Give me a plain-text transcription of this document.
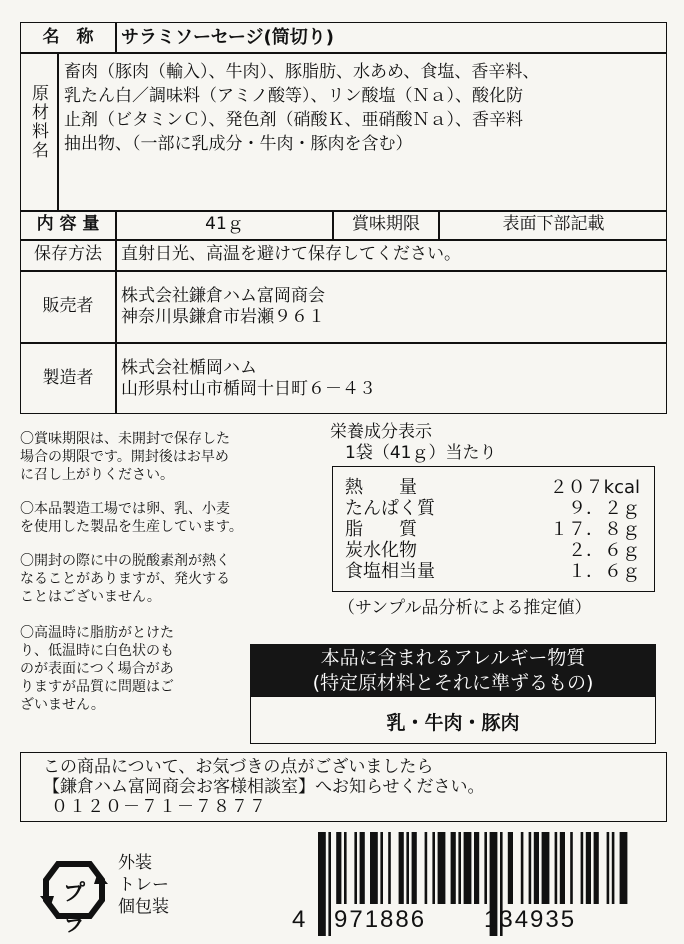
名　称	サラミソーセージ(筒切り)
原材料名
畜肉（豚肉（輸入）、牛肉）、豚脂肪、水あめ、食塩、香辛料、
乳たん白／調味料（アミノ酸等）、リン酸塩（Ｎａ）、酸化防
止剤（ビタミンＣ）、発色剤（硝酸Ｋ、亜硝酸Ｎａ）、香辛料
抽出物、（一部に乳成分・牛肉・豚肉を含む）
内 容 量	41ｇ	賞味期限	表面下部記載
保存方法	直射日光、高温を避けて保存してください。
販売者	株式会社鎌倉ハム富岡商会
神奈川県鎌倉市岩瀬９６１
製造者	株式会社楯岡ハム
山形県村山市楯岡十日町６－４３
〇賞味期限は、未開封で保存した
場合の期限です。開封後はお早め
に召し上がりください。
〇本品製造工場では卵、乳、小麦
を使用した製品を生産しています。
〇開封の際に中の脱酸素剤が熱く
なることがありますが、発火する
ことはございません。
〇高温時に脂肪がとけた
り、低温時に白色状のも
のが表面につく場合があ
りますが品質に問題はご
ざいません。
栄養成分表示
1袋（41ｇ）当たり
熱　　量	２０７kcal
たんぱく質	９．２ｇ
脂　　質	１７．８ｇ
炭水化物	２．６ｇ
食塩相当量	１．６ｇ
（サンプル品分析による推定値）
本品に含まれるアレルギー物質
(特定原材料とそれに準ずるもの)
乳・牛肉・豚肉
この商品について、お気づきの点がございましたら
【鎌倉ハム富岡商会お客様相談室】へお知らせください。
０１２０－７１－７８７７
プラ
外装
トレー
個包装	4 971886 134935
